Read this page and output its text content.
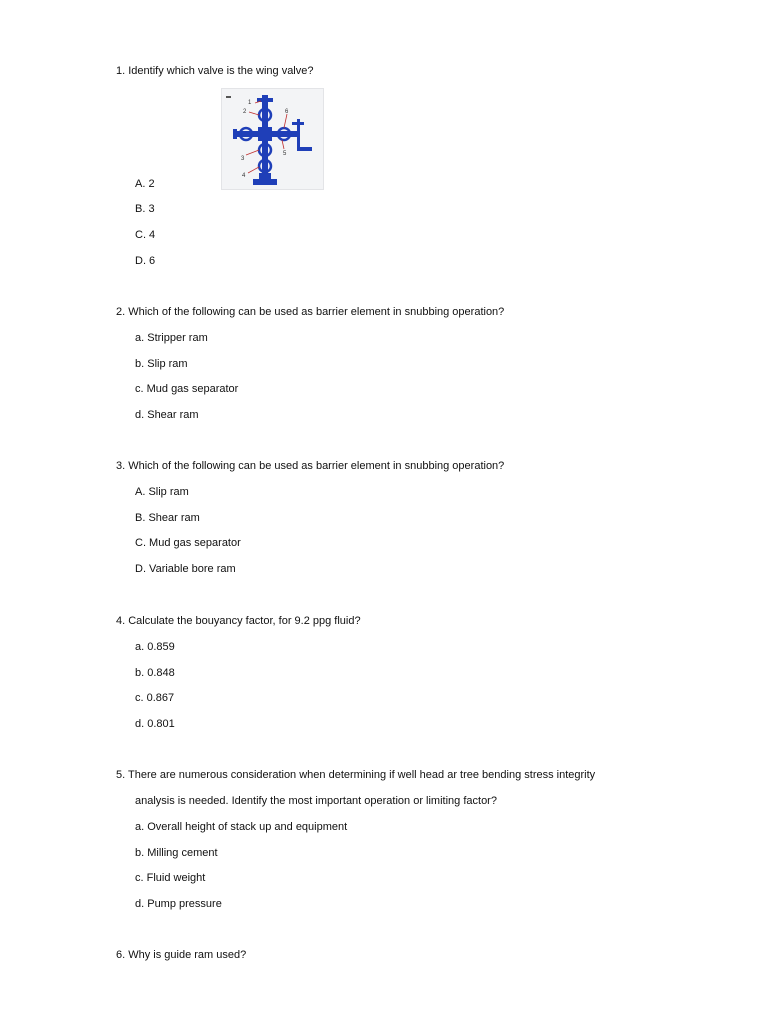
1. Identify which valve is the wing valve?
1
2
3
4
5
6
A. 2
B. 3
C. 4
D. 6
2. Which of the following can be used as barrier element in snubbing operation?
a. Stripper ram
b. Slip ram
c. Mud gas separator
d. Shear ram
3. Which of the following can be used as barrier element in snubbing operation?
A. Slip ram
B. Shear ram
C. Mud gas separator
D. Variable bore ram
4. Calculate the bouyancy factor, for 9.2 ppg fluid?
a. 0.859
b. 0.848
c. 0.867
d. 0.801
5. There are numerous consideration when determining if well head ar tree bending stress integrity
analysis is needed. Identify the most important operation or limiting factor?
a. Overall height of stack up and equipment
b. Milling cement
c. Fluid weight
d. Pump pressure
6. Why is guide ram used?
